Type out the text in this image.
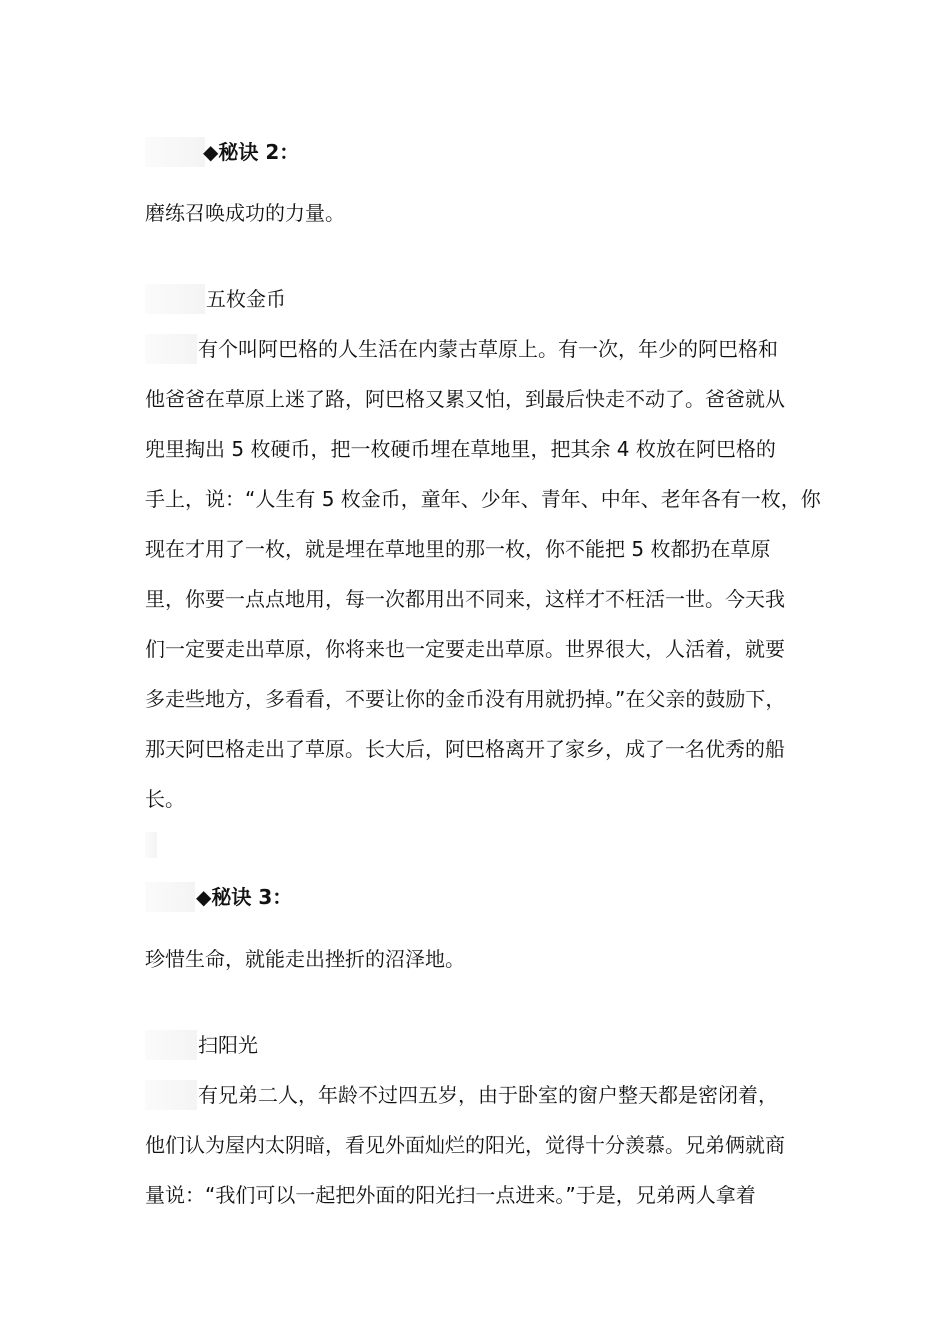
◆秘诀 2：
磨练召唤成功的力量。
五枚金币
有个叫阿巴格的人生活在内蒙古草原上。有一次，年少的阿巴格和
他爸爸在草原上迷了路，阿巴格又累又怕，到最后快走不动了。爸爸就从
兜里掏出 5 枚硬币，把一枚硬币埋在草地里，把其余 4 枚放在阿巴格的
手上，说：“人生有 5 枚金币，童年、少年、青年、中年、老年各有一枚，你
现在才用了一枚，就是埋在草地里的那一枚，你不能把 5 枚都扔在草原
里，你要一点点地用，每一次都用出不同来，这样才不枉活一世。今天我
们一定要走出草原，你将来也一定要走出草原。世界很大，人活着，就要
多走些地方，多看看，不要让你的金币没有用就扔掉。”在父亲的鼓励下，
那天阿巴格走出了草原。长大后，阿巴格离开了家乡，成了一名优秀的船
长。
◆秘诀 3：
珍惜生命，就能走出挫折的沼泽地。
扫阳光
有兄弟二人，年龄不过四五岁，由于卧室的窗户整天都是密闭着，
他们认为屋内太阴暗，看见外面灿烂的阳光，觉得十分羡慕。兄弟俩就商
量说：“我们可以一起把外面的阳光扫一点进来。”于是，兄弟两人拿着
